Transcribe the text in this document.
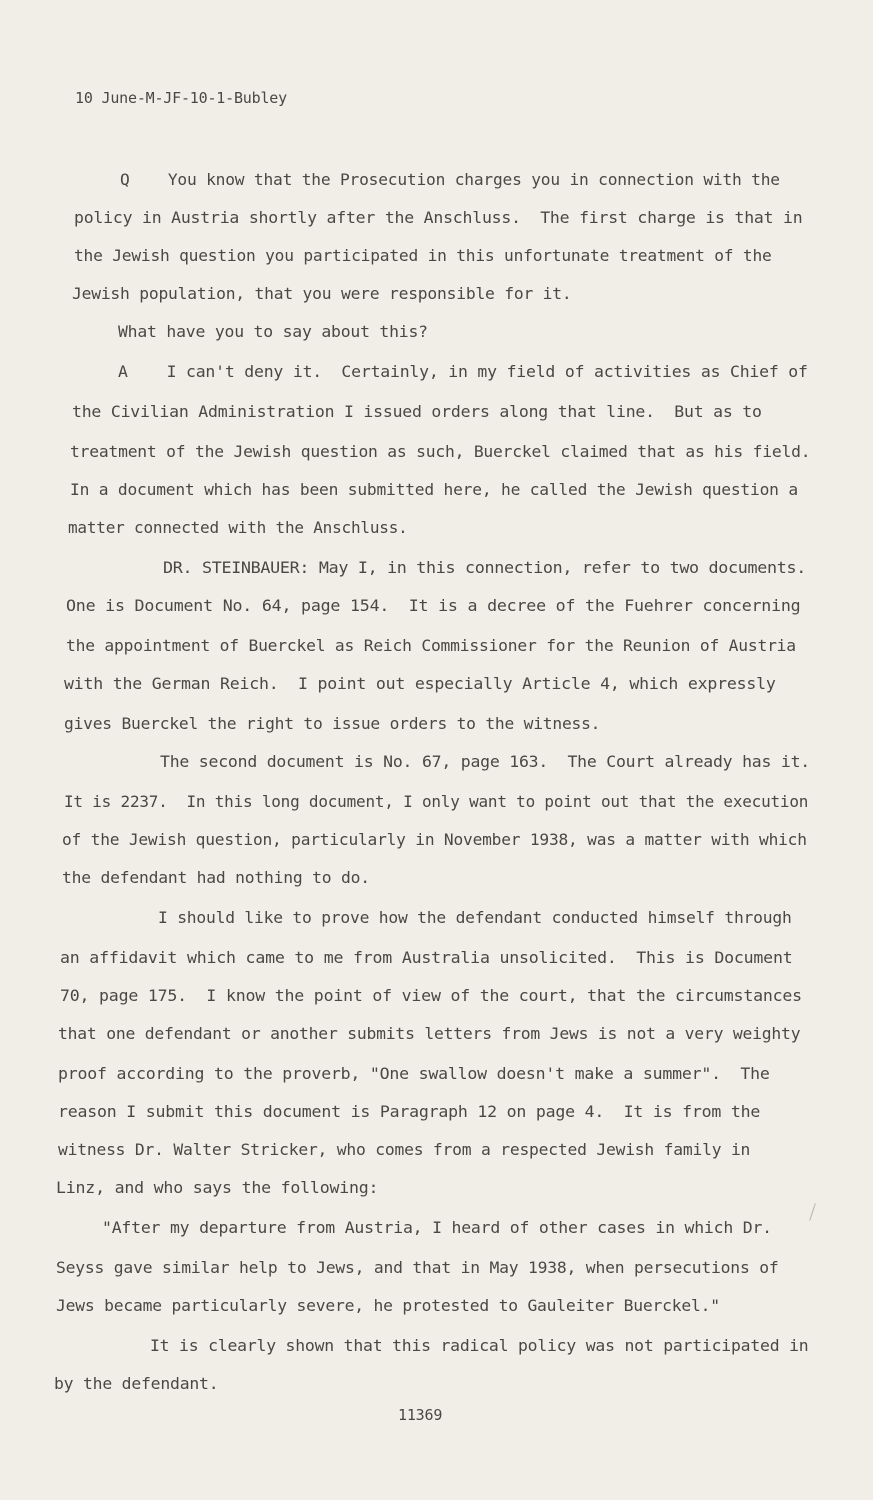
10 June-M-JF-10-1-Bubley
Q    You know that the Prosecution charges you in connection with the
policy in Austria shortly after the Anschluss.  The first charge is that in
the Jewish question you participated in this unfortunate treatment of the
Jewish population, that you were responsible for it.
What have you to say about this?
A    I can't deny it.  Certainly, in my field of activities as Chief of
the Civilian Administration I issued orders along that line.  But as to
treatment of the Jewish question as such, Buerckel claimed that as his field.
In a document which has been submitted here, he called the Jewish question a
matter connected with the Anschluss.
DR. STEINBAUER: May I, in this connection, refer to two documents.
One is Document No. 64, page 154.  It is a decree of the Fuehrer concerning
the appointment of Buerckel as Reich Commissioner for the Reunion of Austria
with the German Reich.  I point out especially Article 4, which expressly
gives Buerckel the right to issue orders to the witness.
The second document is No. 67, page 163.  The Court already has it.
It is 2237.  In this long document, I only want to point out that the execution
of the Jewish question, particularly in November 1938, was a matter with which
the defendant had nothing to do.
I should like to prove how the defendant conducted himself through
an affidavit which came to me from Australia unsolicited.  This is Document
70, page 175.  I know the point of view of the court, that the circumstances
that one defendant or another submits letters from Jews is not a very weighty
proof according to the proverb, "One swallow doesn't make a summer".  The
reason I submit this document is Paragraph 12 on page 4.  It is from the
witness Dr. Walter Stricker, who comes from a respected Jewish family in
Linz, and who says the following:
"After my departure from Austria, I heard of other cases in which Dr.
Seyss gave similar help to Jews, and that in May 1938, when persecutions of
Jews became particularly severe, he protested to Gauleiter Buerckel."
It is clearly shown that this radical policy was not participated in
by the defendant.
11369
